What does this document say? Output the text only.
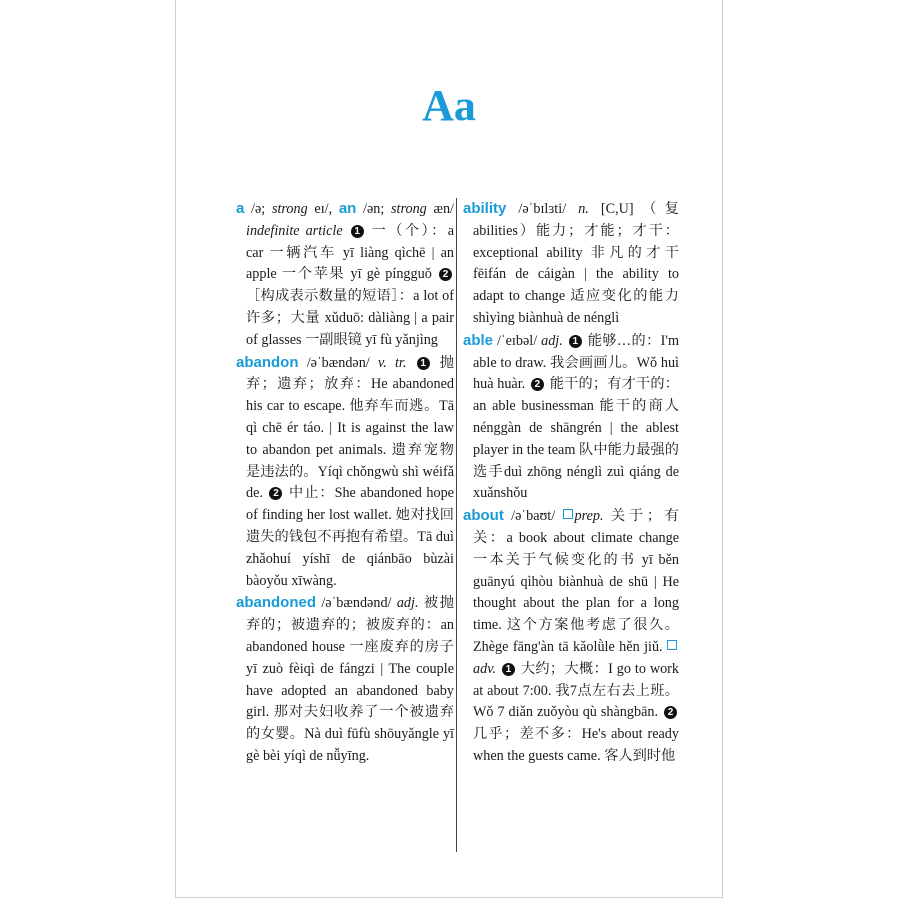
Aa

a /ə; strong eɪ/, an /ən; strong æn/ indefinite article 1 一（个）：a car 一辆汽车 yī liàng qìchē | an apple 一个苹果 yī gè píngguǒ 2 ［构成表示数量的短语］：a lot of 许多；大量 xǔduō: dàliàng | a pair of glasses 一副眼镜 yī fù yǎnjìng

abandon /əˈbændən/ v. tr. 1 抛弃；遗弃；放弃：He abandoned his car to escape. 他弃车而逃。Tā qì chē ér táo. | It is against the law to abandon pet animals. 遗弃宠物是违法的。Yíqì chǒngwù shì wéifǎ de. 2 中止：She abandoned hope of finding her lost wallet. 她对找回遗失的钱包不再抱有希望。Tā duì zhǎohuí yíshī de qiánbāo bùzài bàoyǒu xīwàng.

abandoned /əˈbændənd/ adj. 被抛弃的；被遗弃的；被废弃的：an abandoned house 一座废弃的房子 yī zuò fèiqì de fángzi | The couple have adopted an abandoned baby girl. 那对夫妇收养了一个被遗弃的女婴。Nà duì fūfù shōuyǎngle yī gè bèi yíqì de nǚyīng.

ability /əˈbɪlɜti/ n. [C,U]（复 abilities）能力；才能；才干：exceptional ability 非凡的才干 fēifán de cáigàn | the ability to adapt to change 适应变化的能力 shìyìng biànhuà de nénglì

able /ˈeɪbəl/ adj. 1 能够…的：I'm able to draw. 我会画画儿。Wǒ huì huà huàr. 2 能干的；有才干的：an able businessman 能干的商人 nénggàn de shāngrén | the ablest player in the team 队中能力最强的选手duì zhōng nénglì zuì qiáng de xuǎnshǒu

about /əˈbaʊt/ prep. 关于；有关：a book about climate change 一本关于气候变化的书 yī běn guānyú qìhòu biànhuà de shū | He thought about the plan for a long time. 这个方案他考虑了很久。Zhège fāng'àn tā kǎolǜle hěn jiǔ. adv. 1 大约；大概：I go to work at about 7:00. 我7点左右去上班。Wǒ 7 diǎn zuǒyòu qù shàngbān. 2 几乎；差不多：He's about ready when the guests came. 客人到时他
